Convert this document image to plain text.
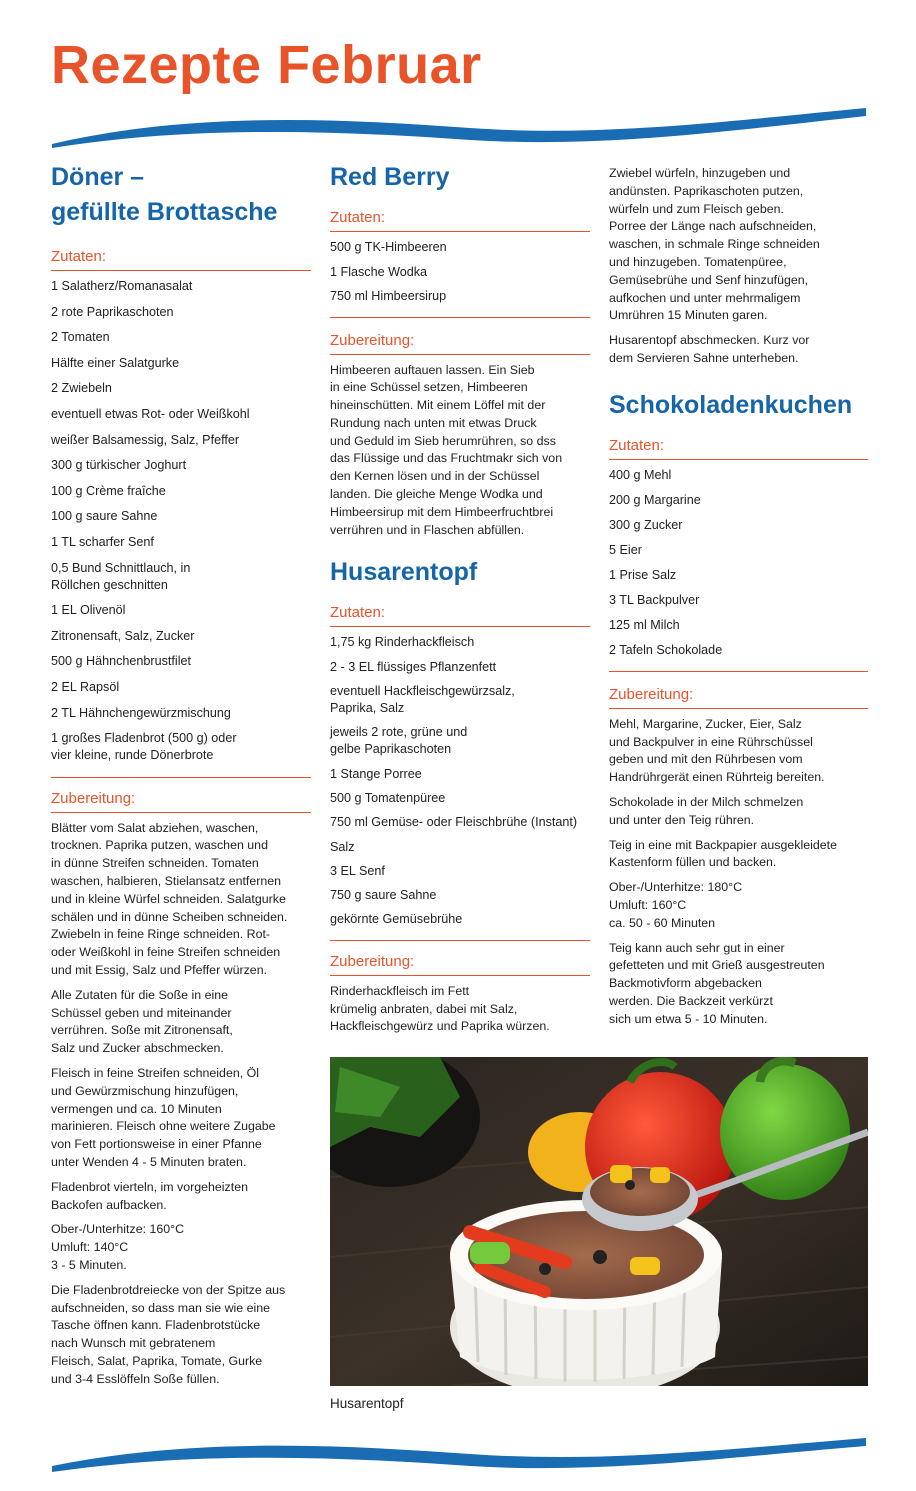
Rezepte Februar
Döner –
gefüllte Brottasche
Zutaten:
1 Salatherz/Romanasalat
2 rote Paprikaschoten
2 Tomaten
Hälfte einer Salatgurke
2 Zwiebeln
eventuell etwas Rot- oder Weißkohl
weißer Balsamessig, Salz, Pfeffer
300 g türkischer Joghurt
100 g Crème fraîche
100 g saure Sahne
1 TL scharfer Senf
0,5 Bund Schnittlauch, in
Röllchen geschnitten
1 EL Olivenöl
Zitronensaft, Salz, Zucker
500 g Hähnchenbrustfilet
2 EL Rapsöl
2 TL Hähnchengewürzmischung
1 großes Fladenbrot (500 g) oder
vier kleine, runde Dönerbrote
Zubereitung:

Blätter vom Salat abziehen, waschen,
trocknen. Paprika putzen, waschen und
in dünne Streifen schneiden. Tomaten
waschen, halbieren, Stielansatz entfernen
und in kleine Würfel schneiden. Salatgurke
schälen und in dünne Scheiben schneiden.
Zwiebeln in feine Ringe schneiden. Rot-
oder Weißkohl in feine Streifen schneiden
und mit Essig, Salz und Pfeffer würzen.

Alle Zutaten für die Soße in eine
Schüssel geben und miteinander
verrühren. Soße mit Zitronensaft,
Salz und Zucker abschmecken.

Fleisch in feine Streifen schneiden, Öl
und Gewürzmischung hinzufügen,
vermengen und ca. 10 Minuten
marinieren. Fleisch ohne weitere Zugabe
von Fett portionsweise in einer Pfanne
unter Wenden 4 - 5 Minuten braten.

Fladenbrot vierteln, im vorgeheizten
Backofen aufbacken.

Ober-/Unterhitze: 160°C
Umluft: 140°C
3 - 5 Minuten.

Die Fladenbrotdreiecke von der Spitze aus
aufschneiden, so dass man sie wie eine
Tasche öffnen kann. Fladenbrotstücke
nach Wunsch mit gebratenem
Fleisch, Salat, Paprika, Tomate, Gurke
und 3-4 Esslöffeln Soße füllen.

Red Berry
Zutaten:
500 g TK-Himbeeren
1 Flasche Wodka
750 ml Himbeersirup
Zubereitung:

Himbeeren auftauen lassen. Ein Sieb
in eine Schüssel setzen, Himbeeren
hineinschütten. Mit einem Löffel mit der
Rundung nach unten mit etwas Druck
und Geduld im Sieb herumrühren, so dss
das Flüssige und das Fruchtmakr sich von
den Kernen lösen und in der Schüssel
landen. Die gleiche Menge Wodka und
Himbeersirup mit dem Himbeerfruchtbrei
verrühren und in Flaschen abfüllen.

Husarentopf
Zutaten:
1,75 kg Rinderhackfleisch
2 - 3 EL flüssiges Pflanzenfett
eventuell Hackfleischgewürzsalz,
Paprika, Salz
jeweils 2 rote, grüne und
gelbe Paprikaschoten
1 Stange Porree
500 g Tomatenpüree
750 ml Gemüse- oder Fleischbrühe (Instant)
Salz
3 EL Senf
750 g saure Sahne
gekörnte Gemüsebrühe
Zubereitung:

Rinderhackfleisch im Fett
krümelig anbraten, dabei mit Salz,
Hackfleischgewürz und Paprika würzen.

Zwiebel würfeln, hinzugeben und
andünsten. Paprikaschoten putzen,
würfeln und zum Fleisch geben.
Porree der Länge nach aufschneiden,
waschen, in schmale Ringe schneiden
und hinzugeben. Tomatenpüree,
Gemüsebrühe und Senf hinzufügen,
aufkochen und unter mehrmaligem
Umrühren 15 Minuten garen.

Husarentopf abschmecken. Kurz vor
dem Servieren Sahne unterheben.

Schokoladenkuchen
Zutaten:
400 g Mehl
200 g Margarine
300 g Zucker
5 Eier
1 Prise Salz
3 TL Backpulver
125 ml Milch
2 Tafeln Schokolade
Zubereitung:

Mehl, Margarine, Zucker, Eier, Salz
und Backpulver in eine Rührschüssel
geben und mit den Rührbesen vom
Handrührgerät einen Rührteig bereiten.

Schokolade in der Milch schmelzen
und unter den Teig rühren.

Teig in eine mit Backpapier ausgekleidete
Kastenform füllen und backen.

Ober-/Unterhitze: 180°C
Umluft: 160°C
ca. 50 - 60 Minuten

Teig kann auch sehr gut in einer
gefetteten und mit Grieß ausgestreuten
Backmotivform abgebacken
werden. Die Backzeit verkürzt
sich um etwa 5 - 10 Minuten.

Husarentopf
